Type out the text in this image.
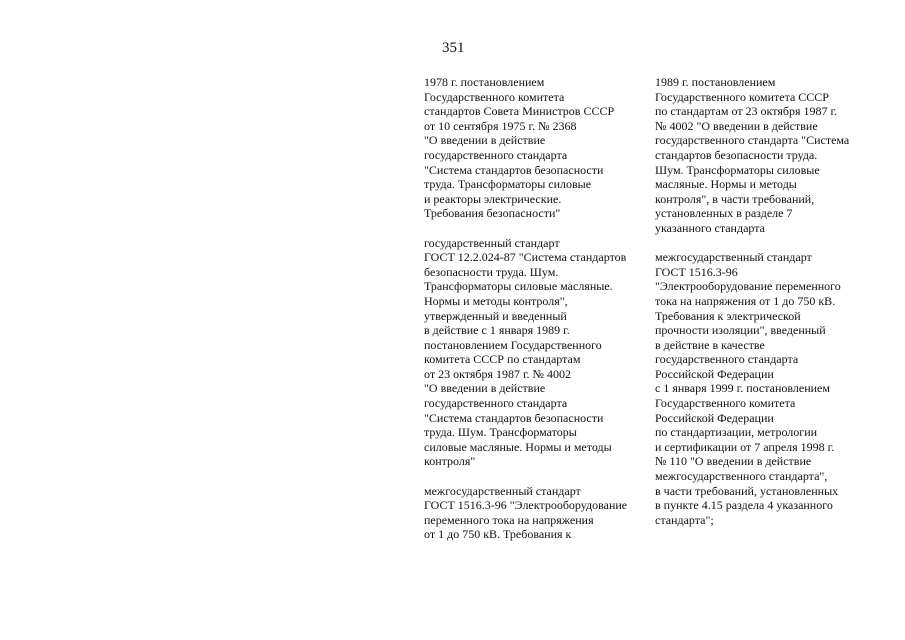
351
1978 г. постановлением
Государственного комитета
стандартов Совета Министров СССР
от 10 сентября 1975 г. № 2368
"О введении в действие
государственного стандарта
"Система стандартов безопасности
труда. Трансформаторы силовые
и реакторы электрические.
Требования безопасности"
государственный стандарт
ГОСТ 12.2.024-87 "Система стандартов
безопасности труда. Шум.
Трансформаторы силовые масляные.
Нормы и методы контроля",
утвержденный и введенный
в действие с 1 января 1989 г.
постановлением Государственного
комитета СССР по стандартам
от 23 октября 1987 г. № 4002
"О введении в действие
государственного стандарта
"Система стандартов безопасности
труда. Шум. Трансформаторы
силовые масляные. Нормы и методы
контроля"
межгосударственный стандарт
ГОСТ 1516.3-96 "Электрооборудование
переменного тока на напряжения
от 1 до 750 кВ. Требования к
1989 г. постановлением
Государственного комитета СССР
по стандартам от 23 октября 1987 г.
№ 4002 "О введении в действие
государственного стандарта "Система
стандартов безопасности труда.
Шум. Трансформаторы силовые
масляные. Нормы и методы
контроля", в части требований,
установленных в разделе 7
указанного стандарта
межгосударственный стандарт
ГОСТ 1516.3-96
"Электрооборудование переменного
тока на напряжения от 1 до 750 кВ.
Требования к электрической
прочности изоляции", введенный
в действие в качестве
государственного стандарта
Российской Федерации
с 1 января 1999 г. постановлением
Государственного комитета
Российской Федерации
по стандартизации, метрологии
и сертификации от 7 апреля 1998 г.
№ 110 "О введении в действие
межгосударственного стандарта",
в части требований, установленных
в пункте 4.15 раздела 4 указанного
стандарта";
